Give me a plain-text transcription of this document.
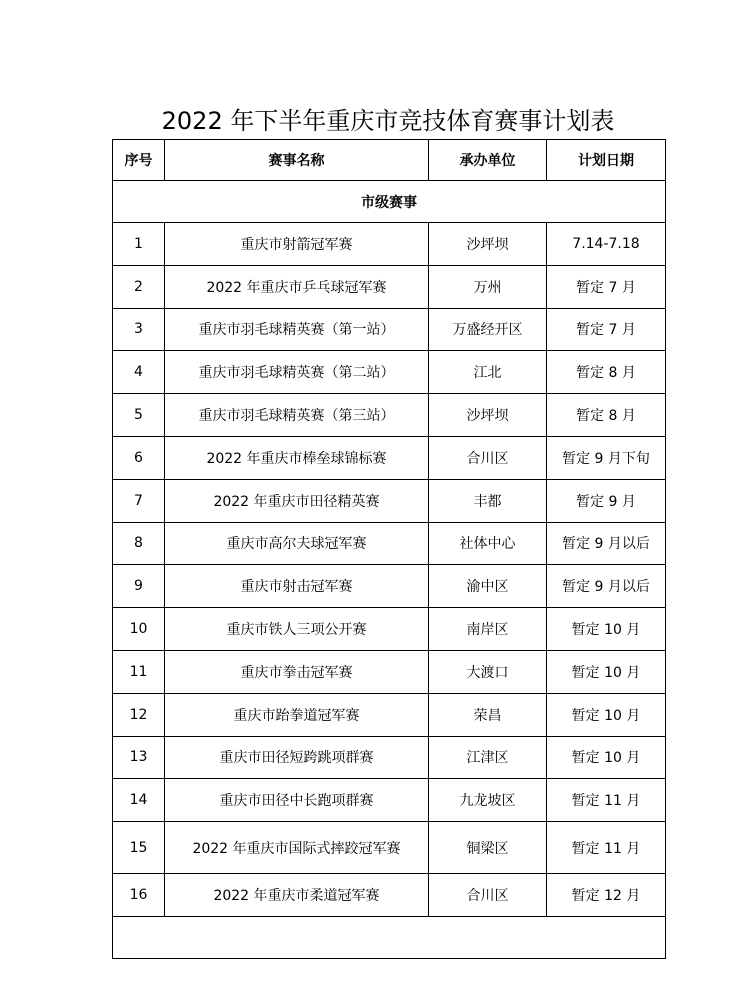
2022 年下半年重庆市竞技体育赛事计划表
序号	赛事名称	承办单位	计划日期
市级赛事			
1	重庆市射箭冠军赛	沙坪坝	7.14-7.18
2	2022 年重庆市乒乓球冠军赛	万州	暂定 7 月
3	重庆市羽毛球精英赛（第一站）	万盛经开区	暂定 7 月
4	重庆市羽毛球精英赛（第二站）	江北	暂定 8 月
5	重庆市羽毛球精英赛（第三站）	沙坪坝	暂定 8 月
6	2022 年重庆市棒垒球锦标赛	合川区	暂定 9 月下旬
7	2022 年重庆市田径精英赛	丰都	暂定 9 月
8	重庆市高尔夫球冠军赛	社体中心	暂定 9 月以后
9	重庆市射击冠军赛	渝中区	暂定 9 月以后
10	重庆市铁人三项公开赛	南岸区	暂定 10 月
11	重庆市拳击冠军赛	大渡口	暂定 10 月
12	重庆市跆拳道冠军赛	荣昌	暂定 10 月
13	重庆市田径短跨跳项群赛	江津区	暂定 10 月
14	重庆市田径中长跑项群赛	九龙坡区	暂定 11 月
15	2022 年重庆市国际式摔跤冠军赛	铜梁区	暂定 11 月
16	2022 年重庆市柔道冠军赛	合川区	暂定 12 月
